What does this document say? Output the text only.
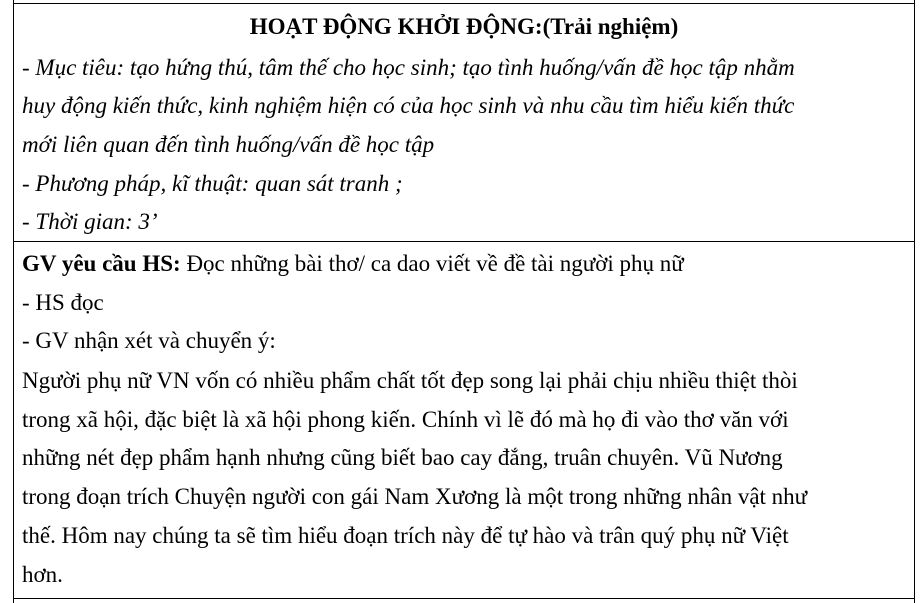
HOẠT ĐỘNG KHỞI ĐỘNG:(Trải nghiệm)
- Mục tiêu: tạo hứng thú, tâm thế cho học sinh; tạo tình huống/vấn đề học tập nhằm
huy động kiến thức, kinh nghiệm hiện có của học sinh và nhu cầu tìm hiểu kiến thức
mới liên quan đến tình huống/vấn đề học tập
- Phương pháp, kĩ thuật: quan sát tranh ;
- Thời gian: 3’
GV yêu cầu HS: Đọc những bài thơ/ ca dao viết về đề tài người phụ nữ
- HS đọc
- GV nhận xét và chuyển ý:
Người phụ nữ VN vốn có nhiều phẩm chất tốt đẹp song lại phải chịu nhiều thiệt thòi
trong xã hội, đặc biệt là xã hội phong kiến. Chính vì lẽ đó mà họ đi vào thơ văn với
những nét đẹp phẩm hạnh nhưng cũng biết bao cay đắng, truân chuyên. Vũ Nương
trong đoạn trích Chuyện người con gái Nam Xương là một trong những nhân vật như
thế. Hôm nay chúng ta sẽ tìm hiểu đoạn trích này để tự hào và trân quý phụ nữ Việt
hơn.
